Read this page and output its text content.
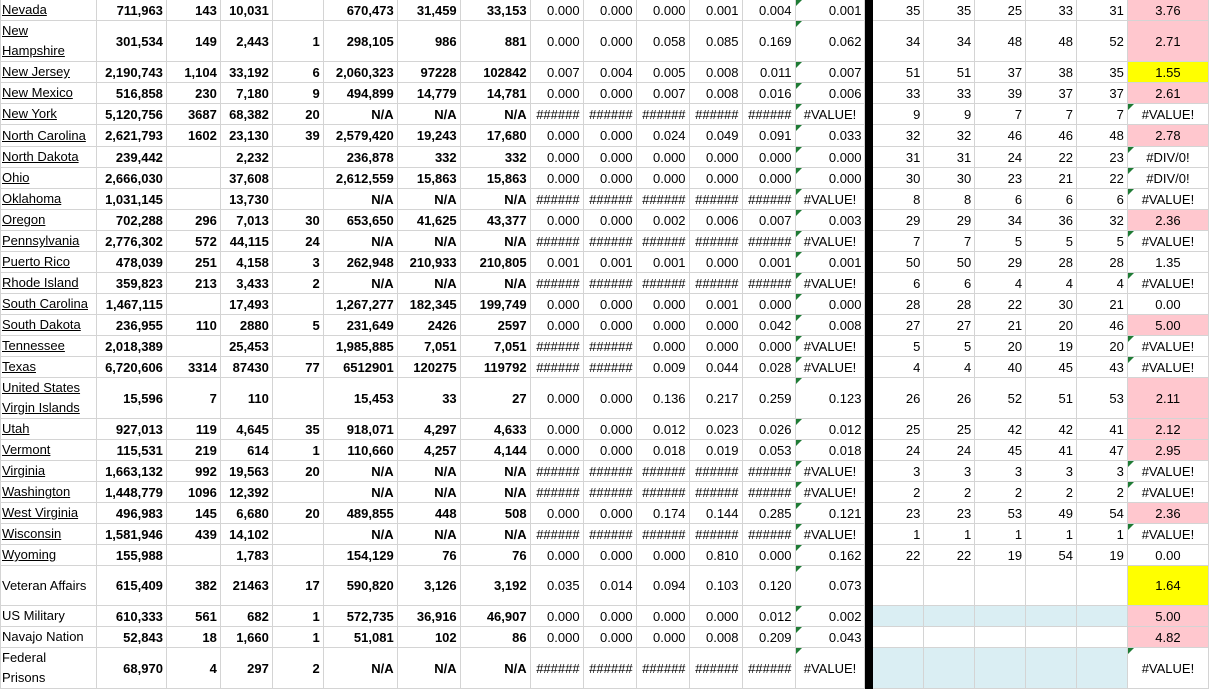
Nevada	711,963	143	10,031		670,473	31,459	33,153	0.000	0.000	0.000	0.001	0.004	0.001		35	35	25	33	31	3.76
New Hampshire	301,534	149	2,443	1	298,105	986	881	0.000	0.000	0.058	0.085	0.169	0.062		34	34	48	48	52	2.71
New Jersey	2,190,743	1,104	33,192	6	2,060,323	97228	102842	0.007	0.004	0.005	0.008	0.011	0.007		51	51	37	38	35	1.55
New Mexico	516,858	230	7,180	9	494,899	14,779	14,781	0.000	0.000	0.007	0.008	0.016	0.006		33	33	39	37	37	2.61
New York	5,120,756	3687	68,382	20	N/A	N/A	N/A	######	######	######	######	######	#VALUE!		9	9	7	7	7	#VALUE!
North Carolina	2,621,793	1602	23,130	39	2,579,420	19,243	17,680	0.000	0.000	0.024	0.049	0.091	0.033		32	32	46	46	48	2.78
North Dakota	239,442		2,232		236,878	332	332	0.000	0.000	0.000	0.000	0.000	0.000		31	31	24	22	23	#DIV/0!
Ohio	2,666,030		37,608		2,612,559	15,863	15,863	0.000	0.000	0.000	0.000	0.000	0.000		30	30	23	21	22	#DIV/0!
Oklahoma	1,031,145		13,730		N/A	N/A	N/A	######	######	######	######	######	#VALUE!		8	8	6	6	6	#VALUE!
Oregon	702,288	296	7,013	30	653,650	41,625	43,377	0.000	0.000	0.002	0.006	0.007	0.003		29	29	34	36	32	2.36
Pennsylvania	2,776,302	572	44,115	24	N/A	N/A	N/A	######	######	######	######	######	#VALUE!		7	7	5	5	5	#VALUE!
Puerto Rico	478,039	251	4,158	3	262,948	210,933	210,805	0.001	0.001	0.001	0.000	0.001	0.001		50	50	29	28	28	1.35
Rhode Island	359,823	213	3,433	2	N/A	N/A	N/A	######	######	######	######	######	#VALUE!		6	6	4	4	4	#VALUE!
South Carolina	1,467,115		17,493		1,267,277	182,345	199,749	0.000	0.000	0.000	0.001	0.000	0.000		28	28	22	30	21	0.00
South Dakota	236,955	110	2880	5	231,649	2426	2597	0.000	0.000	0.000	0.000	0.042	0.008		27	27	21	20	46	5.00
Tennessee	2,018,389		25,453		1,985,885	7,051	7,051	######	######	0.000	0.000	0.000	#VALUE!		5	5	20	19	20	#VALUE!
Texas	6,720,606	3314	87430	77	6512901	120275	119792	######	######	0.009	0.044	0.028	#VALUE!		4	4	40	45	43	#VALUE!
United States Virgin Islands	15,596	7	110		15,453	33	27	0.000	0.000	0.136	0.217	0.259	0.123		26	26	52	51	53	2.11
Utah	927,013	119	4,645	35	918,071	4,297	4,633	0.000	0.000	0.012	0.023	0.026	0.012		25	25	42	42	41	2.12
Vermont	115,531	219	614	1	110,660	4,257	4,144	0.000	0.000	0.018	0.019	0.053	0.018		24	24	45	41	47	2.95
Virginia	1,663,132	992	19,563	20	N/A	N/A	N/A	######	######	######	######	######	#VALUE!		3	3	3	3	3	#VALUE!
Washington	1,448,779	1096	12,392		N/A	N/A	N/A	######	######	######	######	######	#VALUE!		2	2	2	2	2	#VALUE!
West Virginia	496,983	145	6,680	20	489,855	448	508	0.000	0.000	0.174	0.144	0.285	0.121		23	23	53	49	54	2.36
Wisconsin	1,581,946	439	14,102		N/A	N/A	N/A	######	######	######	######	######	#VALUE!		1	1	1	1	1	#VALUE!
Wyoming	155,988		1,783		154,129	76	76	0.000	0.000	0.000	0.810	0.000	0.162		22	22	19	54	19	0.00
Veteran Affairs	615,409	382	21463	17	590,820	3,126	3,192	0.035	0.014	0.094	0.103	0.120	0.073							1.64
US Military	610,333	561	682	1	572,735	36,916	46,907	0.000	0.000	0.000	0.000	0.012	0.002							5.00
Navajo Nation	52,843	18	1,660	1	51,081	102	86	0.000	0.000	0.000	0.008	0.209	0.043							4.82
Federal Prisons	68,970	4	297	2	N/A	N/A	N/A	######	######	######	######	######	#VALUE!							#VALUE!
